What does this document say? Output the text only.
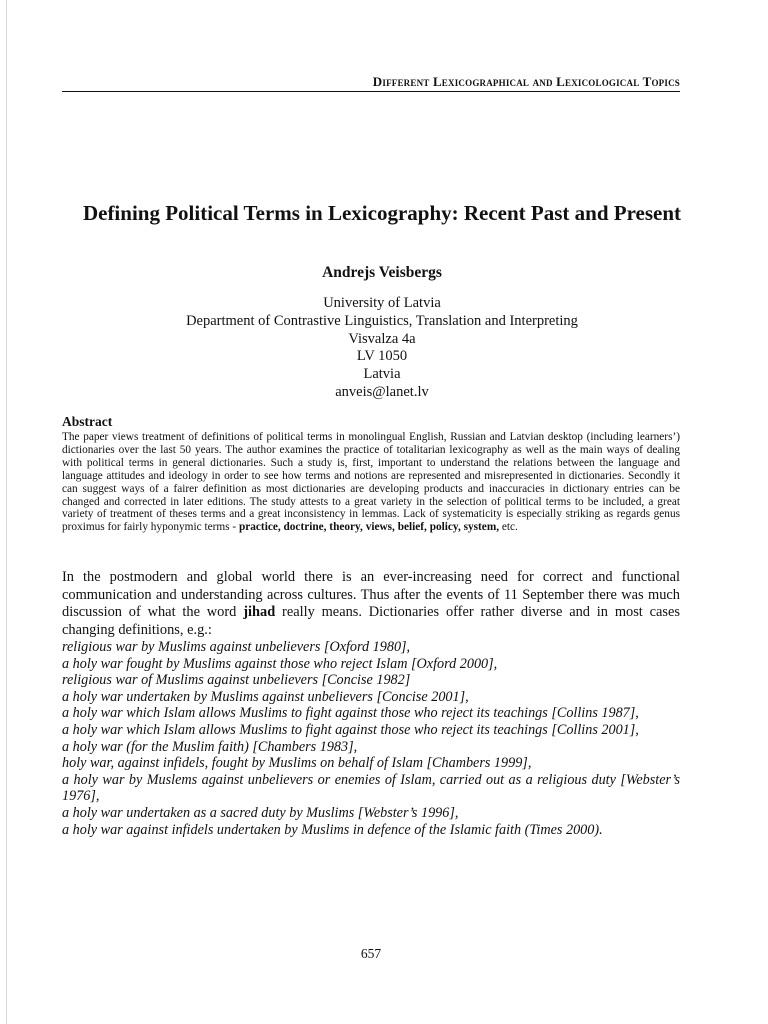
Different Lexicographical and Lexicological Topics
Defining Political Terms in Lexicography: Recent Past and Present
Andrejs Veisbergs
University of Latvia
Department of Contrastive Linguistics, Translation and Interpreting
Visvalza 4a
LV 1050
Latvia
anveis@lanet.lv
Abstract

The paper views treatment of definitions of political terms in monolingual English, Russian and Latvian desktop (including learners’) dictionaries over the last 50 years. The author examines the practice of totalitarian lexicography as well as the main ways of dealing with political terms in general dictionaries. Such a study is, first, important to understand the relations between the language and language attitudes and ideology in order to see how terms and notions are represented and misrepresented in dictionaries. Secondly it can suggest ways of a fairer definition as most dictionaries are developing products and inaccuracies in dictionary entries can be changed and corrected in later editions. The study attests to a great variety in the selection of political terms to be included, a great variety of treatment of theses terms and a great inconsistency in lemmas. Lack of systematicity is especially striking as regards genus proximus for fairly hyponymic terms - practice, doctrine, theory, views, belief, policy, system, etc.

In the postmodern and global world there is an ever-increasing need for correct and functional communication and understanding across cultures. Thus after the events of 11 September there was much discussion of what the word jihad really means. Dictionaries offer rather diverse and in most cases changing definitions, e.g.:

religious war by Muslims against unbelievers [Oxford 1980],
a holy war fought by Muslims against those who reject Islam [Oxford 2000],
religious war of Muslims against unbelievers [Concise 1982]
a holy war undertaken by Muslims against unbelievers [Concise 2001],
a holy war which Islam allows Muslims to fight against those who reject its teachings [Collins 1987],
a holy war which Islam allows Muslims to fight against those who reject its teachings [Collins 2001],
a holy war (for the Muslim faith) [Chambers 1983],
holy war, against infidels, fought by Muslims on behalf of Islam [Chambers 1999],
a holy war by Muslems against unbelievers or enemies of Islam, carried out as a religious duty [Webster’s 1976],
a holy war undertaken as a sacred duty by Muslims [Webster’s 1996],
a holy war against infidels undertaken by Muslims in defence of the Islamic faith (Times 2000).
657
